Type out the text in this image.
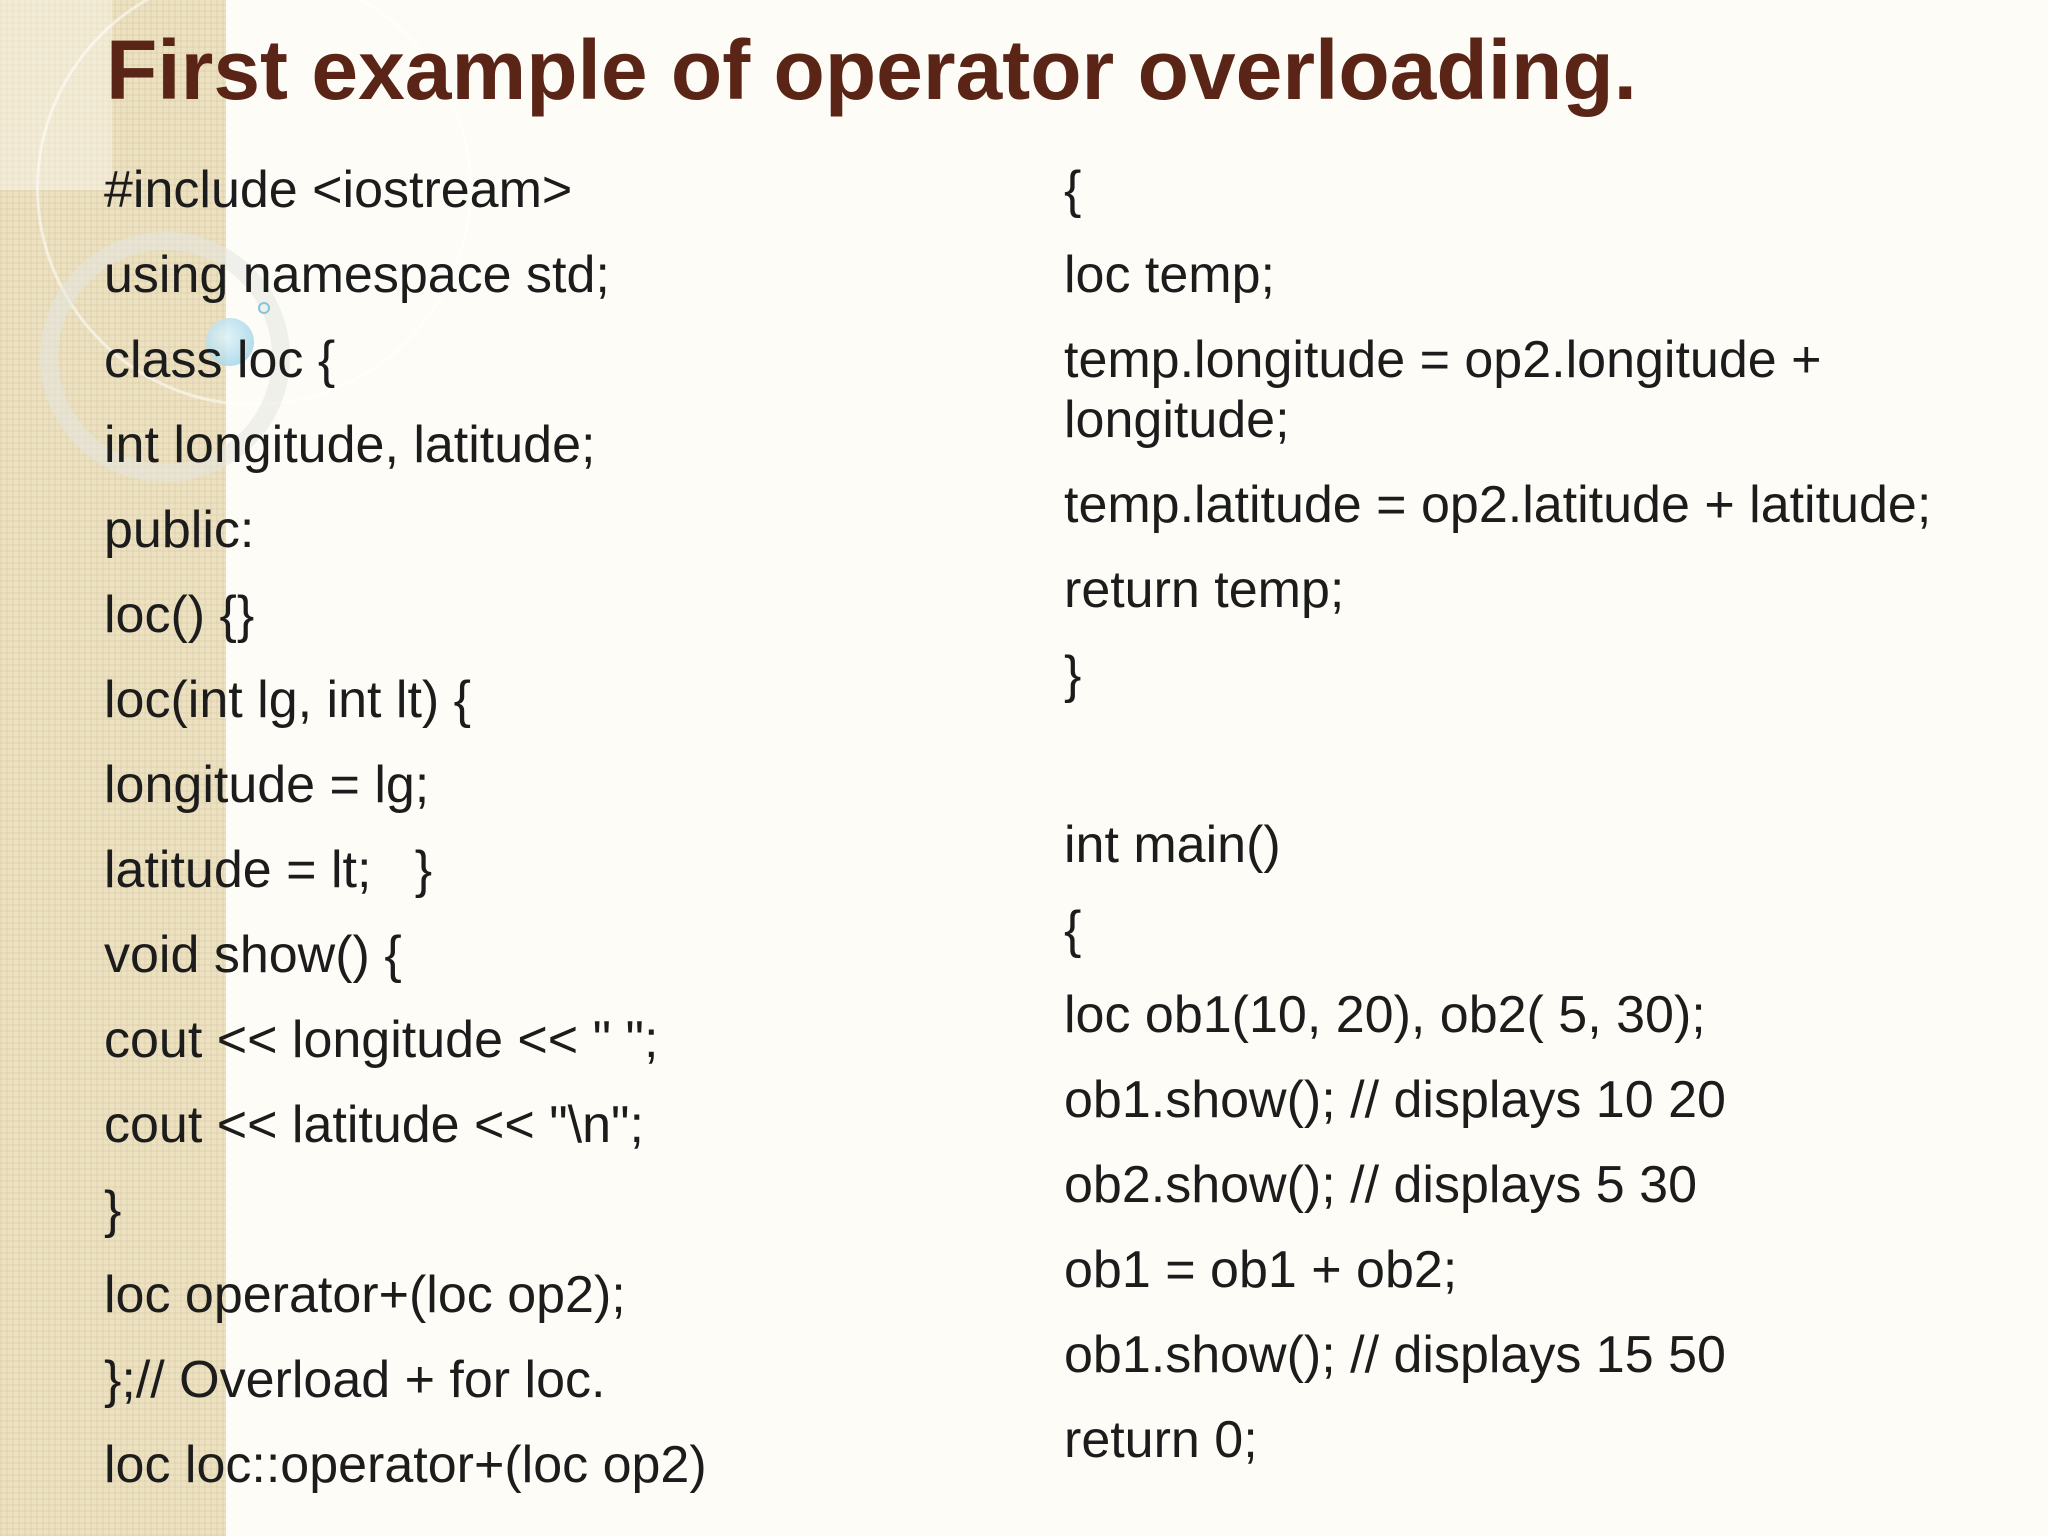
First example of operator overloading.
#include <iostream>
using namespace std;
class loc {
int longitude, latitude;
public:
loc() {}
loc(int lg, int lt) {
longitude = lg;
latitude = lt;   }
void show() {
cout << longitude << " ";
cout << latitude << "\n";
}
loc operator+(loc op2);
};// Overload + for loc.
loc loc::operator+(loc op2)
{
loc temp;
temp.longitude = op2.longitude +
longitude;
temp.latitude = op2.latitude + latitude;
return temp;
}
int main()
{
loc ob1(10, 20), ob2( 5, 30);
ob1.show(); // displays 10 20
ob2.show(); // displays 5 30
ob1 = ob1 + ob2;
ob1.show(); // displays 15 50
return 0;
